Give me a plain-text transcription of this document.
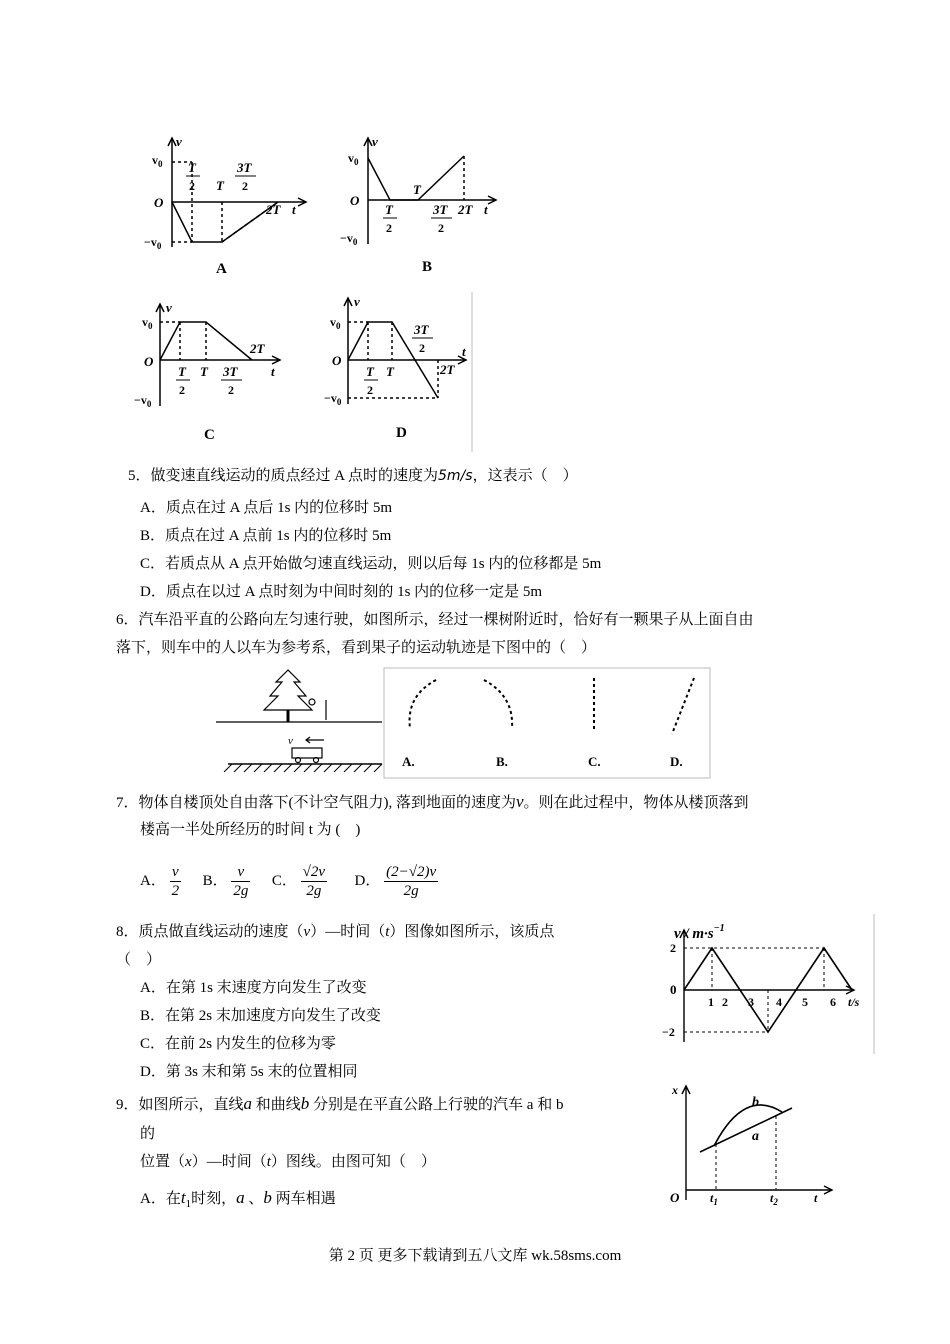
v
$v_0$
O
$-v_0$
T
2 T
3T
2
2T t
A
v
$v_0$
O
$-v_0$
T
T
2
3T
2
2T t
B
v
$v_0$
O
$-v_0$
T
2
T 3T
2
2T
t
C
v
$v_0$
O
$-v_0$
T
2
T
3T
2
2T
t
D
5．做变速直线运动的质点经过 A 点时的速度为5m/s，这表示（　）
A．质点在过 A 点后 1s 内的位移时 5m
B．质点在过 A 点前 1s 内的位移时 5m
C．若质点从 A 点开始做匀速直线运动，则以后每 1s 内的位移都是 5m
D．质点在以过 A 点时刻为中间时刻的 1s 内的位移一定是 5m
6．汽车沿平直的公路向左匀速行驶，如图所示，经过一棵树附近时，恰好有一颗果子从上面自由
落下，则车中的人以车为参考系，看到果子的运动轨迹是下图中的（　）
v
A.	B.	C.	D.
7．物体自楼顶处自由落下(不计空气阻力), 落到地面的速度为v。则在此过程中，物体从楼顶落到
楼高一半处所经历的时间 t 为 (　)
A． $\frac{v}{2}$ B． $\frac{v}{2g}$ C． $\frac{√2v}{2g}$ D． $\frac{(2-√2)v}{2g}$
8．质点做直线运动的速度（v）—时间（t）图像如图所示，该质点
（　）
A．在第 1s 末速度方向发生了改变
B．在第 2s 末加速度方向发生了改变
C．在前 2s 内发生的位移为零
D．第 3s 末和第 5s 末的位置相同
$v / m\cdot s^{-1}$
0
2
−2
1 2 3 4 5 6 t/s
9．如图所示，直线a 和曲线b 分别是在平直公路上行驶的汽车 a 和 b
的
位置（x）—时间（t）图线。由图可知（　）
A．在$t_1$时刻，a 、b 两车相遇
x
O
b
a
$t_1$	$t_2$	t
第 2 页 更多下载请到五八文库 wk.58sms.com
